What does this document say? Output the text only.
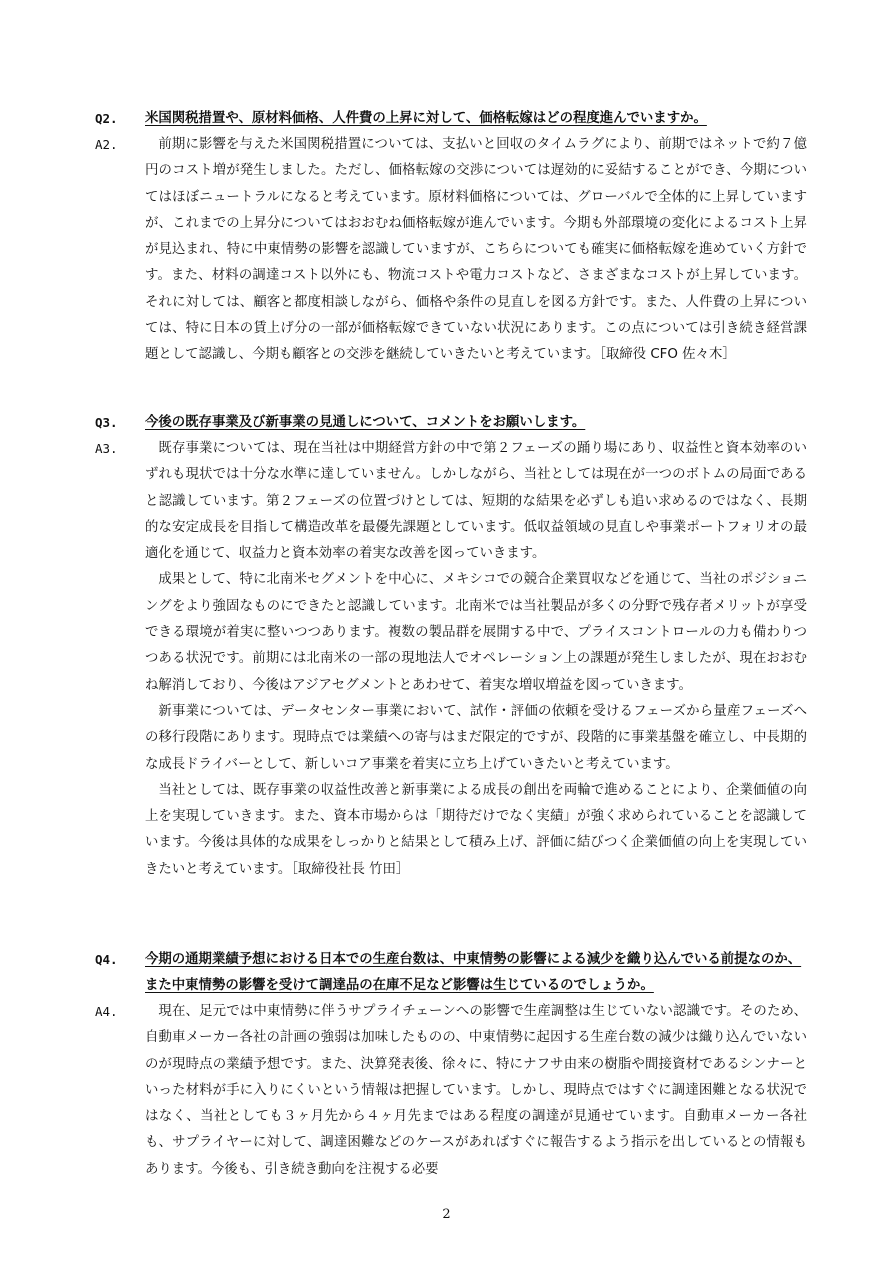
Q2.	米国関税措置や、原材料価格、人件費の上昇に対して、価格転嫁はどの程度進んでいますか。
A2.	前期に影響を与えた米国関税措置については、支払いと回収のタイムラグにより、前期ではネットで約７億円のコスト増が発生しました。ただし、価格転嫁の交渉については遅効的に妥結することができ、今期についてはほぼニュートラルになると考えています。原材料価格については、グローバルで全体的に上昇していますが、これまでの上昇分についてはおおむね価格転嫁が進んでいます。今期も外部環境の変化によるコスト上昇が見込まれ、特に中東情勢の影響を認識していますが、こちらについても確実に価格転嫁を進めていく方針です。また、材料の調達コスト以外にも、物流コストや電力コストなど、さまざまなコストが上昇しています。それに対しては、顧客と都度相談しながら、価格や条件の見直しを図る方針です。また、人件費の上昇については、特に日本の賃上げ分の一部が価格転嫁できていない状況にあります。この点については引き続き経営課題として認識し、今期も顧客との交渉を継続していきたいと考えています。［取締役 CFO 佐々木］

Q3.	今後の既存事業及び新事業の見通しについて、コメントをお願いします。
A3.	既存事業については、現在当社は中期経営方針の中で第２フェーズの踊り場にあり、収益性と資本効率のいずれも現状では十分な水準に達していません。しかしながら、当社としては現在が一つのボトムの局面であると認識しています。第２フェーズの位置づけとしては、短期的な結果を必ずしも追い求めるのではなく、長期的な安定成長を目指して構造改革を最優先課題としています。低収益領域の見直しや事業ポートフォリオの最適化を通じて、収益力と資本効率の着実な改善を図っていきます。

成果として、特に北南米セグメントを中心に、メキシコでの競合企業買収などを通じて、当社のポジショニングをより強固なものにできたと認識しています。北南米では当社製品が多くの分野で残存者メリットが享受できる環境が着実に整いつつあります。複数の製品群を展開する中で、プライスコントロールの力も備わりつつある状況です。前期には北南米の一部の現地法人でオペレーション上の課題が発生しましたが、現在おおむね解消しており、今後はアジアセグメントとあわせて、着実な増収増益を図っていきます。

新事業については、データセンター事業において、試作・評価の依頼を受けるフェーズから量産フェーズへの移行段階にあります。現時点では業績への寄与はまだ限定的ですが、段階的に事業基盤を確立し、中長期的な成長ドライバーとして、新しいコア事業を着実に立ち上げていきたいと考えています。

当社としては、既存事業の収益性改善と新事業による成長の創出を両輪で進めることにより、企業価値の向上を実現していきます。また、資本市場からは「期待だけでなく実績」が強く求められていることを認識しています。今後は具体的な成果をしっかりと結果として積み上げ、評価に結びつく企業価値の向上を実現していきたいと考えています。［取締役社長 竹田］

Q4.	今期の通期業績予想における日本での生産台数は、中東情勢の影響による減少を織り込んでいる前提なのか、また中東情勢の影響を受けて調達品の在庫不足など影響は生じているのでしょうか。
A4.	現在、足元では中東情勢に伴うサプライチェーンへの影響で生産調整は生じていない認識です。そのため、自動車メーカー各社の計画の強弱は加味したものの、中東情勢に起因する生産台数の減少は織り込んでいないのが現時点の業績予想です。また、決算発表後、徐々に、特にナフサ由来の樹脂や間接資材であるシンナーといった材料が手に入りにくいという情報は把握しています。しかし、現時点ではすぐに調達困難となる状況ではなく、当社としても３ヶ月先から４ヶ月先まではある程度の調達が見通せています。自動車メーカー各社も、サプライヤーに対して、調達困難などのケースがあればすぐに報告するよう指示を出しているとの情報もあります。今後も、引き続き動向を注視する必要

2
